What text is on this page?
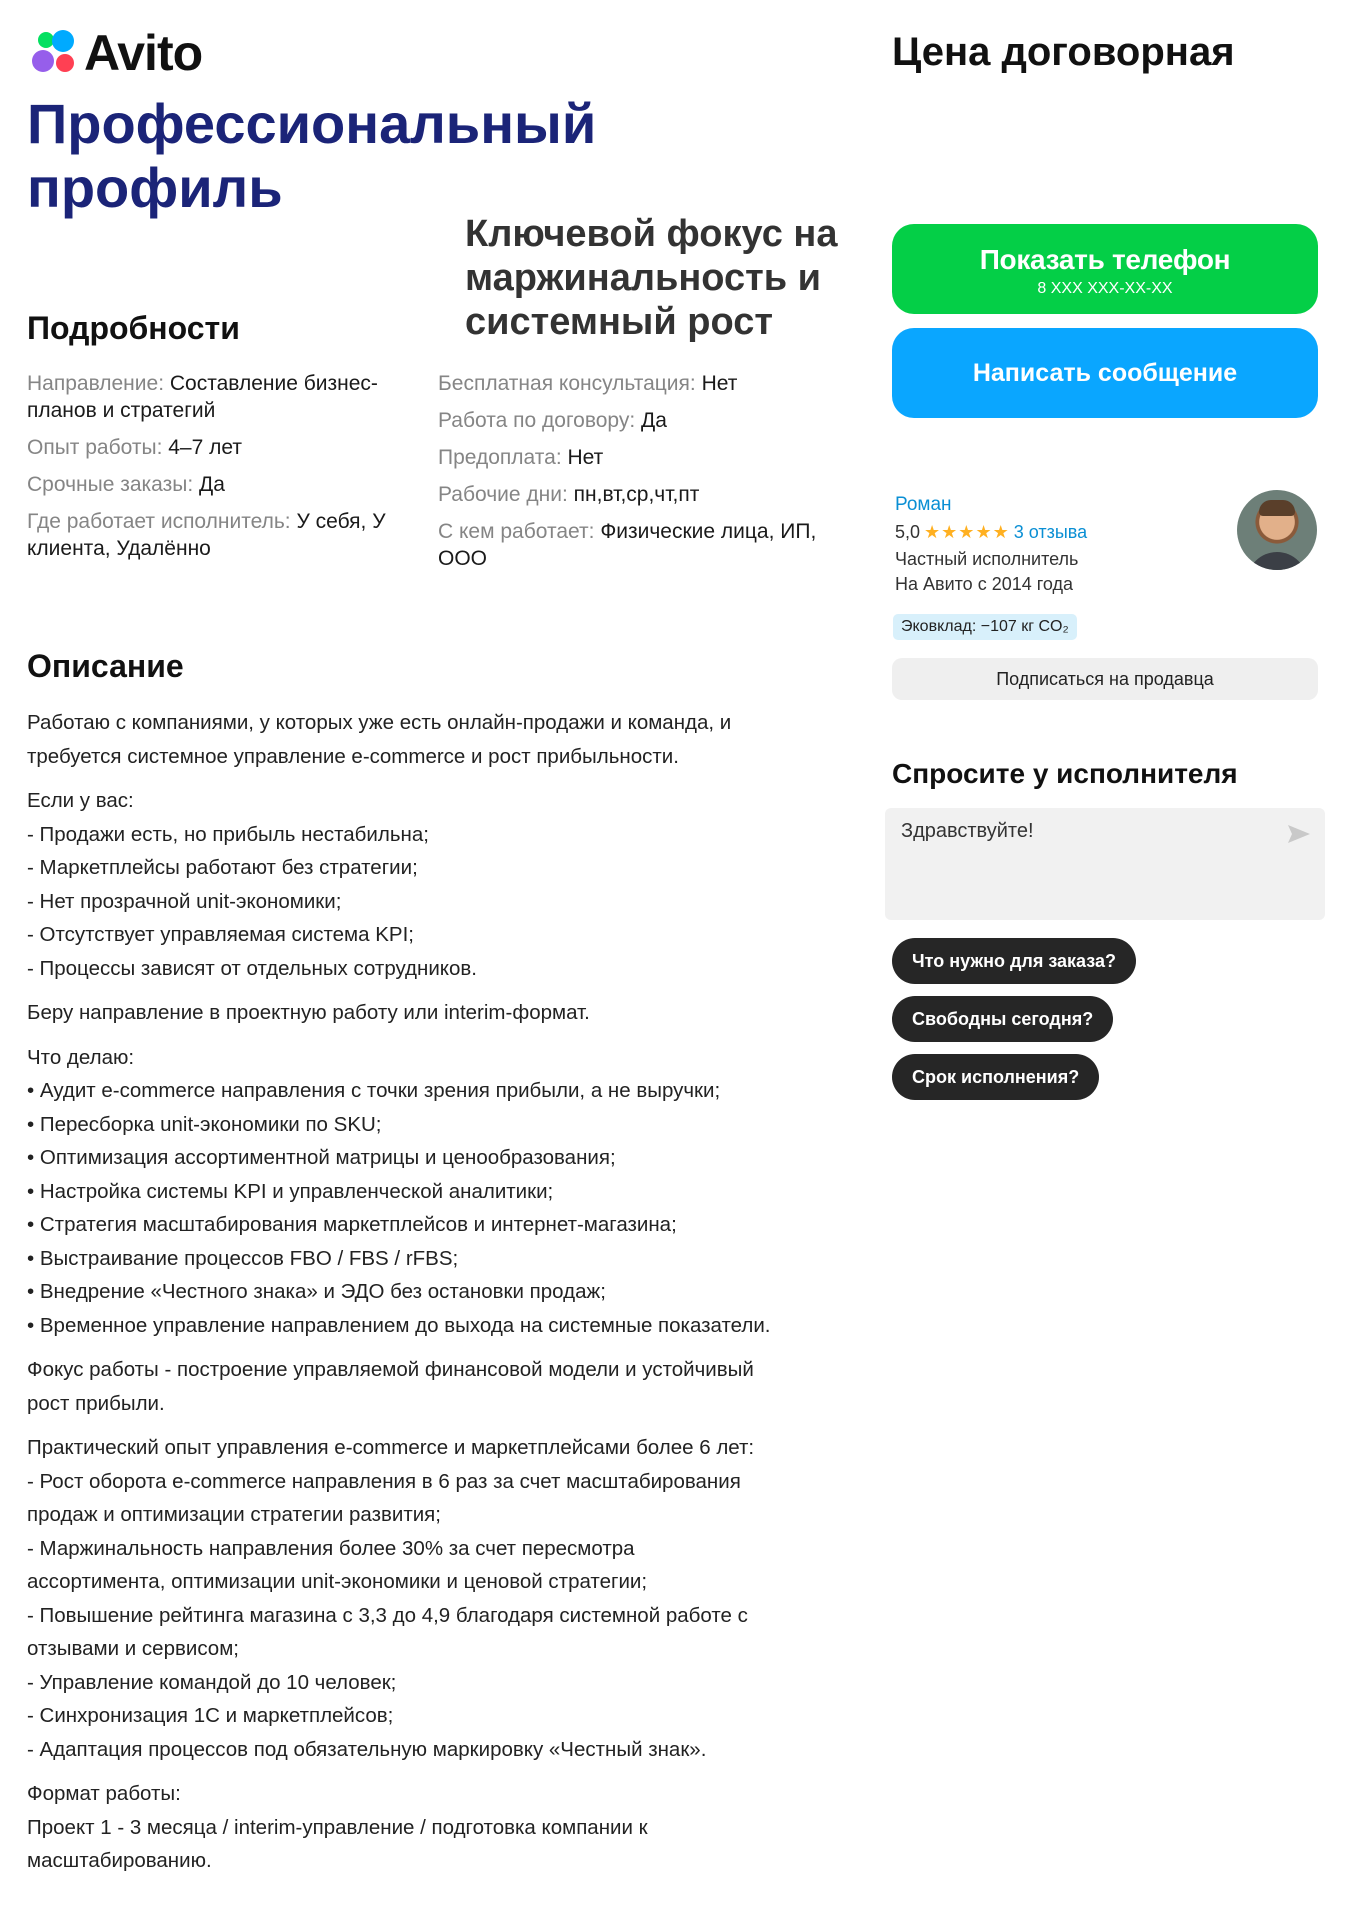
Avito
Профессиональный профиль
Ключевой фокус на маржинальность и системный рост
Цена договорная
Подробности
Направление: Составление бизнес-планов и стратегий
Опыт работы: 4–7 лет
Срочные заказы: Да
Где работает исполнитель: У себя, У клиента, Удалённо
Бесплатная консультация: Нет
Работа по договору: Да
Предоплата: Нет
Рабочие дни: пн,вт,ср,чт,пт
С кем работает: Физические лица, ИП, ООО
Описание
Работаю с компаниями, у которых уже есть онлайн-продажи и команда, и
требуется системное управление e-commerce и рост прибыльности.
Если у вас:
- Продажи есть, но прибыль нестабильна;
- Маркетплейсы работают без стратегии;
- Нет прозрачной unit-экономики;
- Отсутствует управляемая система KPI;
- Процессы зависят от отдельных сотрудников.
Беру направление в проектную работу или interim-формат.
Что делаю:
• Аудит e-commerce направления с точки зрения прибыли, а не выручки;
• Пересборка unit-экономики по SKU;
• Оптимизация ассортиментной матрицы и ценообразования;
• Настройка системы KPI и управленческой аналитики;
• Стратегия масштабирования маркетплейсов и интернет-магазина;
• Выстраивание процессов FBO / FBS / rFBS;
• Внедрение «Честного знака» и ЭДО без остановки продаж;
• Временное управление направлением до выхода на системные показатели.
Фокус работы - построение управляемой финансовой модели и устойчивый
рост прибыли.
Практический опыт управления e-commerce и маркетплейсами более 6 лет:
- Рост оборота e-commerce направления в 6 раз за счет масштабирования
продаж и оптимизации стратегии развития;
- Маржинальность направления более 30% за счет пересмотра
ассортимента, оптимизации unit-экономики и ценовой стратегии;
- Повышение рейтинга магазина с 3,3 до 4,9 благодаря системной работе с
отзывами и сервисом;
- Управление командой до 10 человек;
- Синхронизация 1С и маркетплейсов;
- Адаптация процессов под обязательную маркировку «Честный знак».
Формат работы:
Проект 1 - 3 месяца / interim-управление / подготовка компании к
масштабированию.
Показать телефон
8 XXX XXX-XX-XX
Написать сообщение
Роман
5,0 ★★★★★ 3 отзыва
Частный исполнитель
На Авито с 2014 года
Эковклад: −107 кг CO₂
Подписаться на продавца
Спросите у исполнителя
Здравствуйте!
Что нужно для заказа?
Свободны сегодня?
Срок исполнения?
